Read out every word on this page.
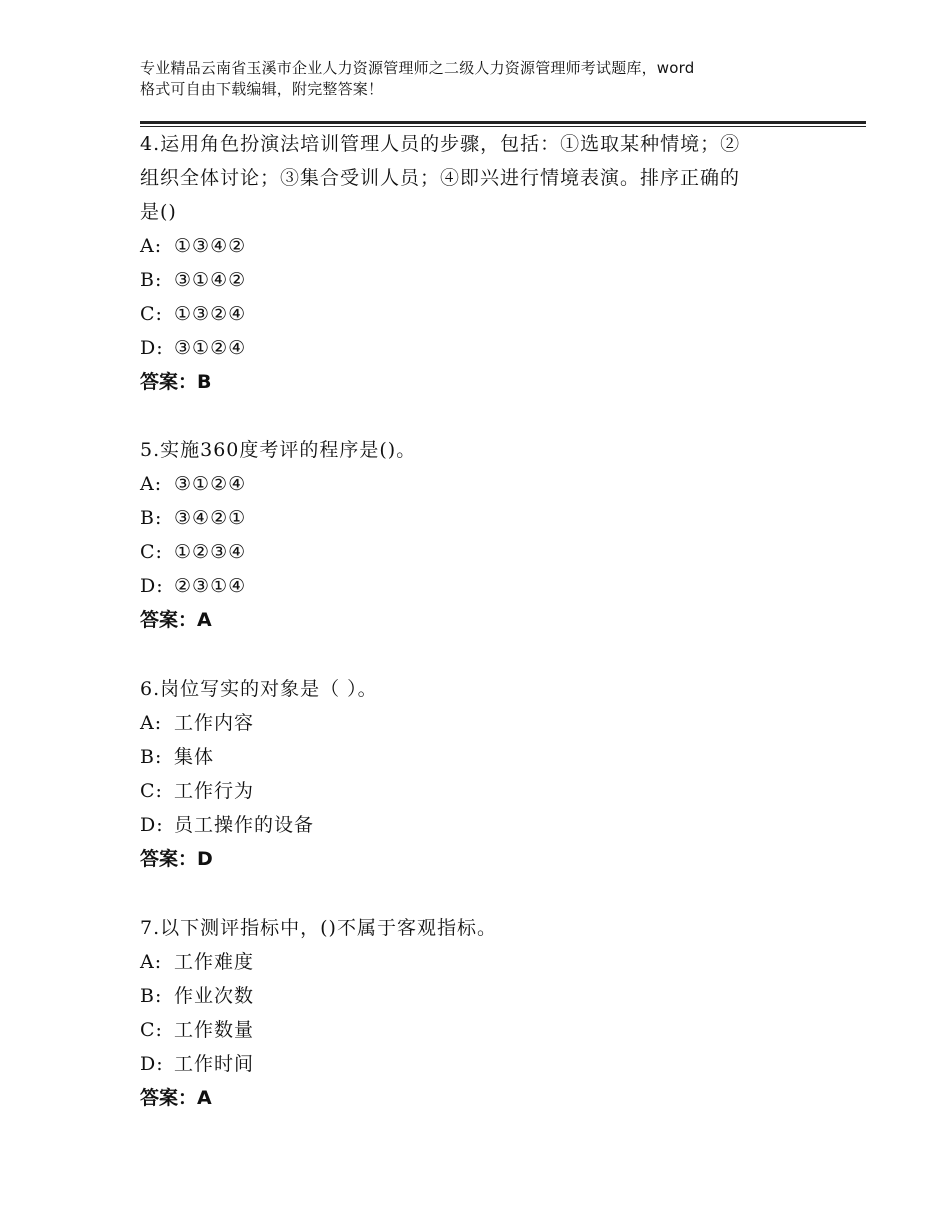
专业精品云南省玉溪市企业人力资源管理师之二级人力资源管理师考试题库，word
格式可自由下载编辑，附完整答案！
4.运用角色扮演法培训管理人员的步骤，包括：①选取某种情境；②
组织全体讨论；③集合受训人员；④即兴进行情境表演。排序正确的
是()
A: ①③④②
B: ③①④②
C: ①③②④
D: ③①②④
答案：B
5.实施360度考评的程序是()。
A: ③①②④
B: ③④②①
C: ①②③④
D: ②③①④
答案：A
6.岗位写实的对象是（ ）。
A: 工作内容
B: 集体
C: 工作行为
D: 员工操作的设备
答案：D
7.以下测评指标中，()不属于客观指标。
A: 工作难度
B: 作业次数
C: 工作数量
D: 工作时间
答案：A
